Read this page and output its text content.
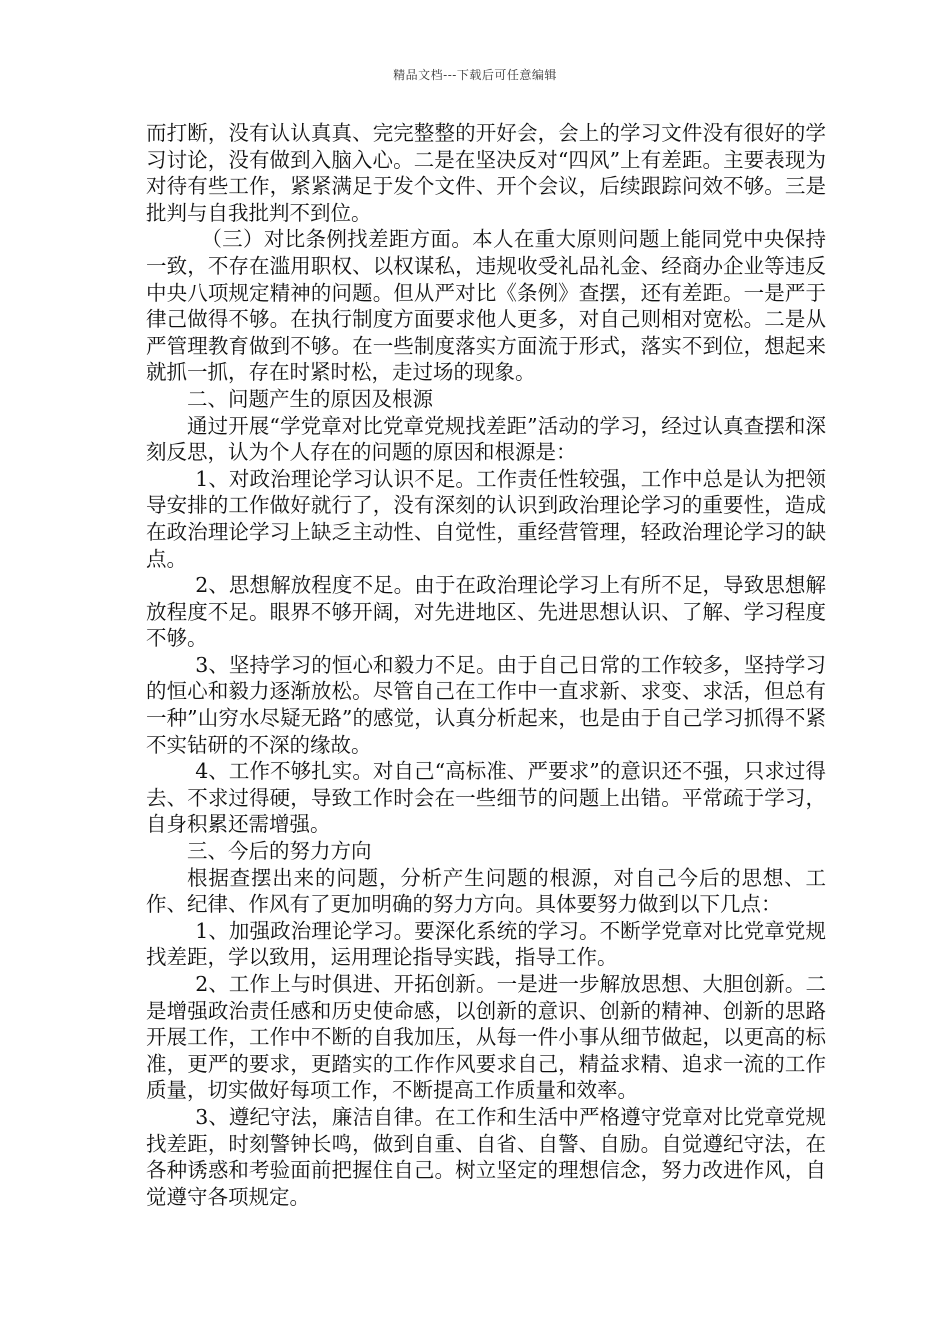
精品文档---下载后可任意编辑

而打断，没有认认真真、完完整整的开好会，会上的学习文件没有很好的学习讨论，没有做到入脑入心。二是在坚决反对“四风”上有差距。主要表现为对待有些工作，紧紧满足于发个文件、开个会议，后续跟踪问效不够。三是批判与自我批判不到位。

（三）对比条例找差距方面。本人在重大原则问题上能同党中央保持一致，不存在滥用职权、以权谋私，违规收受礼品礼金、经商办企业等违反中央八项规定精神的问题。但从严对比《条例》查摆，还有差距。一是严于律己做得不够。在执行制度方面要求他人更多，对自己则相对宽松。二是从严管理教育做到不够。在一些制度落实方面流于形式，落实不到位，想起来就抓一抓，存在时紧时松，走过场的现象。

二、问题产生的原因及根源

通过开展“学党章对比党章党规找差距”活动的学习，经过认真查摆和深刻反思，认为个人存在的问题的原因和根源是：

1、对政治理论学习认识不足。工作责任性较强，工作中总是认为把领导安排的工作做好就行了，没有深刻的认识到政治理论学习的重要性，造成在政治理论学习上缺乏主动性、自觉性，重经营管理，轻政治理论学习的缺点。

2、思想解放程度不足。由于在政治理论学习上有所不足，导致思想解放程度不足。眼界不够开阔，对先进地区、先进思想认识、了解、学习程度不够。

3、坚持学习的恒心和毅力不足。由于自己日常的工作较多，坚持学习的恒心和毅力逐渐放松。尽管自己在工作中一直求新、求变、求活，但总有一种”山穷水尽疑无路”的感觉，认真分析起来，也是由于自己学习抓得不紧不实钻研的不深的缘故。

4、工作不够扎实。对自己“高标准、严要求”的意识还不强，只求过得去、不求过得硬，导致工作时会在一些细节的问题上出错。平常疏于学习，自身积累还需增强。

三、今后的努力方向

根据查摆出来的问题，分析产生问题的根源，对自己今后的思想、工作、纪律、作风有了更加明确的努力方向。具体要努力做到以下几点：

1、加强政治理论学习。要深化系统的学习。不断学党章对比党章党规找差距，学以致用，运用理论指导实践，指导工作。

2、工作上与时俱进、开拓创新。一是进一步解放思想、大胆创新。二是增强政治责任感和历史使命感，以创新的意识、创新的精神、创新的思路开展工作，工作中不断的自我加压，从每一件小事从细节做起，以更高的标准，更严的要求，更踏实的工作作风要求自己，精益求精、追求一流的工作质量，切实做好每项工作，不断提高工作质量和效率。

3、遵纪守法，廉洁自律。在工作和生活中严格遵守党章对比党章党规找差距，时刻警钟长鸣，做到自重、自省、自警、自励。自觉遵纪守法，在各种诱惑和考验面前把握住自己。树立坚定的理想信念，努力改进作风，自觉遵守各项规定。
